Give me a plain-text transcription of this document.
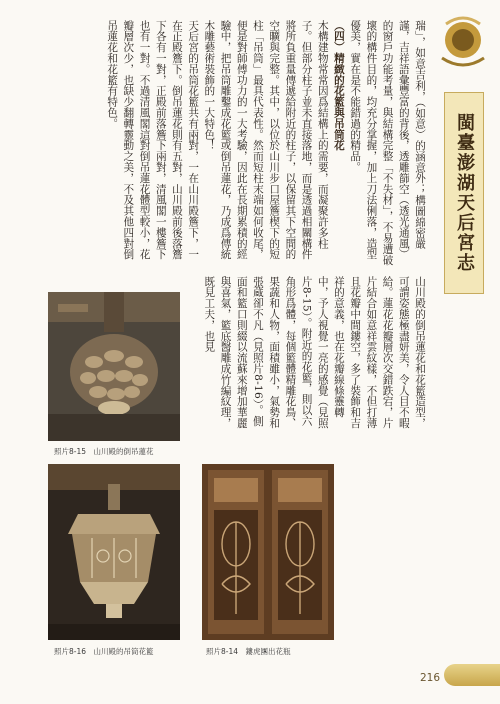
瑞」，如意吉利，（如意）的涵意外；構圖綿密嚴謹，吉祥語彙豐富的背後，透雕篩空（透光通風）的窗戶功能考量，與結構完整「不失材」，不易遭破壞的構件目的，均充分掌握，加上刀法俐落，造型優美，實在是不能錯過的精品。

（四）精緻的花籃與吊筒花

木構建物常常因爲結構上的需要，而凝聚許多柱子。但部分柱子並未直接落地，而是透過相關構件將所負重量傳遞給附近的柱子，以保留其下空間的空曠與完整。其中，以位於山川步口屋簷楔下的短柱「吊筒」最具代表性。然而短柱末端如何收尾，便是對師傅功力的一大考驗，因此在長期累積的經驗中，把吊筒雕鑿成花籃或倒吊蓮花，乃成爲傳統木雕藝術裝飾的一大特色！

天后宮的吊筒花籃共有兩對，一在山川殿簷下，一在正殿簷下。倒吊蓮花則有五對，山川殿前後落簷下各有一對，正殿前落簷下兩對，清風閣一樓簷下也有一對。不過清風閣這對倒吊蓮花體型較小，花瓣層次少，也缺少翻轉靈動之美，不及其他四對倒吊蓮花和花籃有特色。

山川殿的倒吊蓮花和花籃造型，可謂姿態極盡妍美，令人目不暇給。蓮花花瓣層次交錯跌宕，片片結合如意祥雲紋樣，不但打薄且花瓣中間鏤空，多了裝飾和吉祥的意義，也在花瓣線條靈轉中，予人視覺一亮的感覺（見照片8-15）。附近的花籃，則以六角形爲體，每個籃體精雕花鳥、果蔬和人物，面積雖小，氣勢和張蔵卻不凡（見照片8-16）。側面和籃口則綴以流蘇來增加華麗與喜氣，籃底醫雕成竹編紋理，既見工夫，也見

照片8-15　山川殿的倒吊蓮花
照片8-16　山川殿的吊筒花籃	照片8-14　鏤虎團出花瓶
閩臺澎湖天后宮志
216
